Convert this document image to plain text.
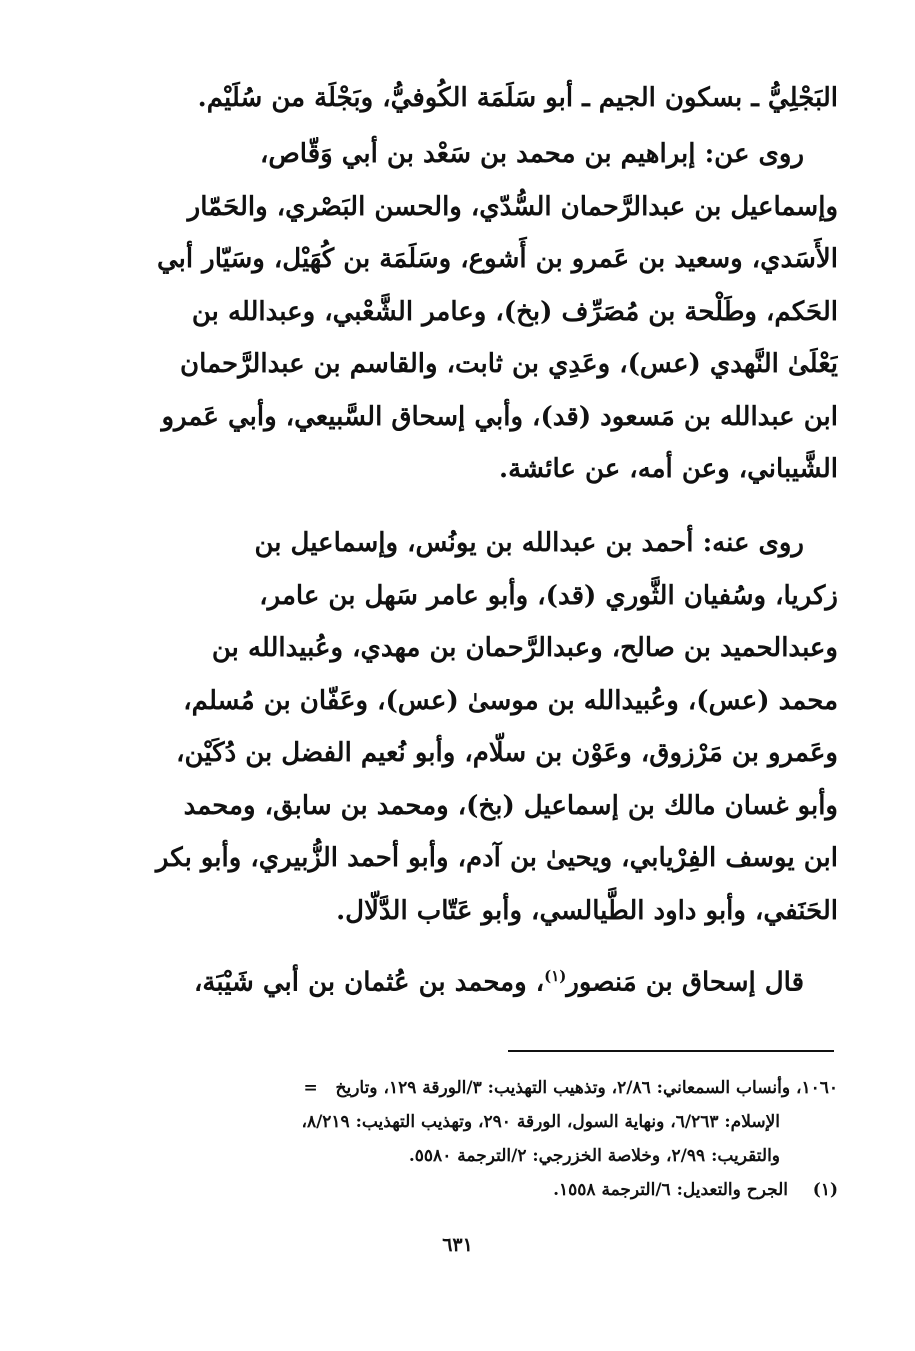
البَجْلِيُّ ـ بسكون الجيم ـ أبو سَلَمَة الكُوفيُّ، وبَجْلَة من سُلَيْم.
روى عن: إبراهيم بن محمد بن سَعْد بن أبي وَقّاص،
وإسماعيل بن عبدالرَّحمان السُّدّي، والحسن البَصْري، والحَمّار
الأَسَدي، وسعيد بن عَمرو بن أَشوع، وسَلَمَة بن كُهَيْل، وسَيّار أبي
الحَكم، وطَلْحة بن مُصَرِّف (بخ)، وعامر الشَّعْبي، وعبدالله بن
يَعْلَىٰ النَّهدي (عس)، وعَدِي بن ثابت، والقاسم بن عبدالرَّحمان
ابن عبدالله بن مَسعود (قد)، وأبي إسحاق السَّبيعي، وأبي عَمرو
الشَّيباني، وعن أمه، عن عائشة.
روى عنه: أحمد بن عبدالله بن يونُس، وإسماعيل بن
زكريا، وسُفيان الثَّوري (قد)، وأبو عامر سَهل بن عامر،
وعبدالحميد بن صالح، وعبدالرَّحمان بن مهدي، وعُبيدالله بن
محمد (عس)، وعُبيدالله بن موسىٰ (عس)، وعَفّان بن مُسلم،
وعَمرو بن مَرْزوق، وعَوْن بن سلّام، وأبو نُعيم الفضل بن دُكَيْن،
وأبو غسان مالك بن إسماعيل (بخ)، ومحمد بن سابق، ومحمد
ابن يوسف الفِرْيابي، ويحيىٰ بن آدم، وأبو أحمد الزُّبيري، وأبو بكر
الحَنَفي، وأبو داود الطَّيالسي، وأبو عَتّاب الدَّلّال.
قال إسحاق بن مَنصور$^{(١)}$، ومحمد بن عُثمان بن أبي شَيْبَة،
١٠٦٠، وأنساب السمعاني: ٢/٨٦، وتذهيب التهذيب: ٣/الورقة ١٢٩، وتاريخ   =
الإسلام: ٦/٢٦٣، ونهاية السول، الورقة ٢٩٠، وتهذيب التهذيب: ٨/٢١٩،
والتقريب: ٢/٩٩، وخلاصة الخزرجي: ٢/الترجمة ٥٥٨٠.
(١)الجرح والتعديل: ٦/الترجمة ١٥٥٨.
٦٣١
